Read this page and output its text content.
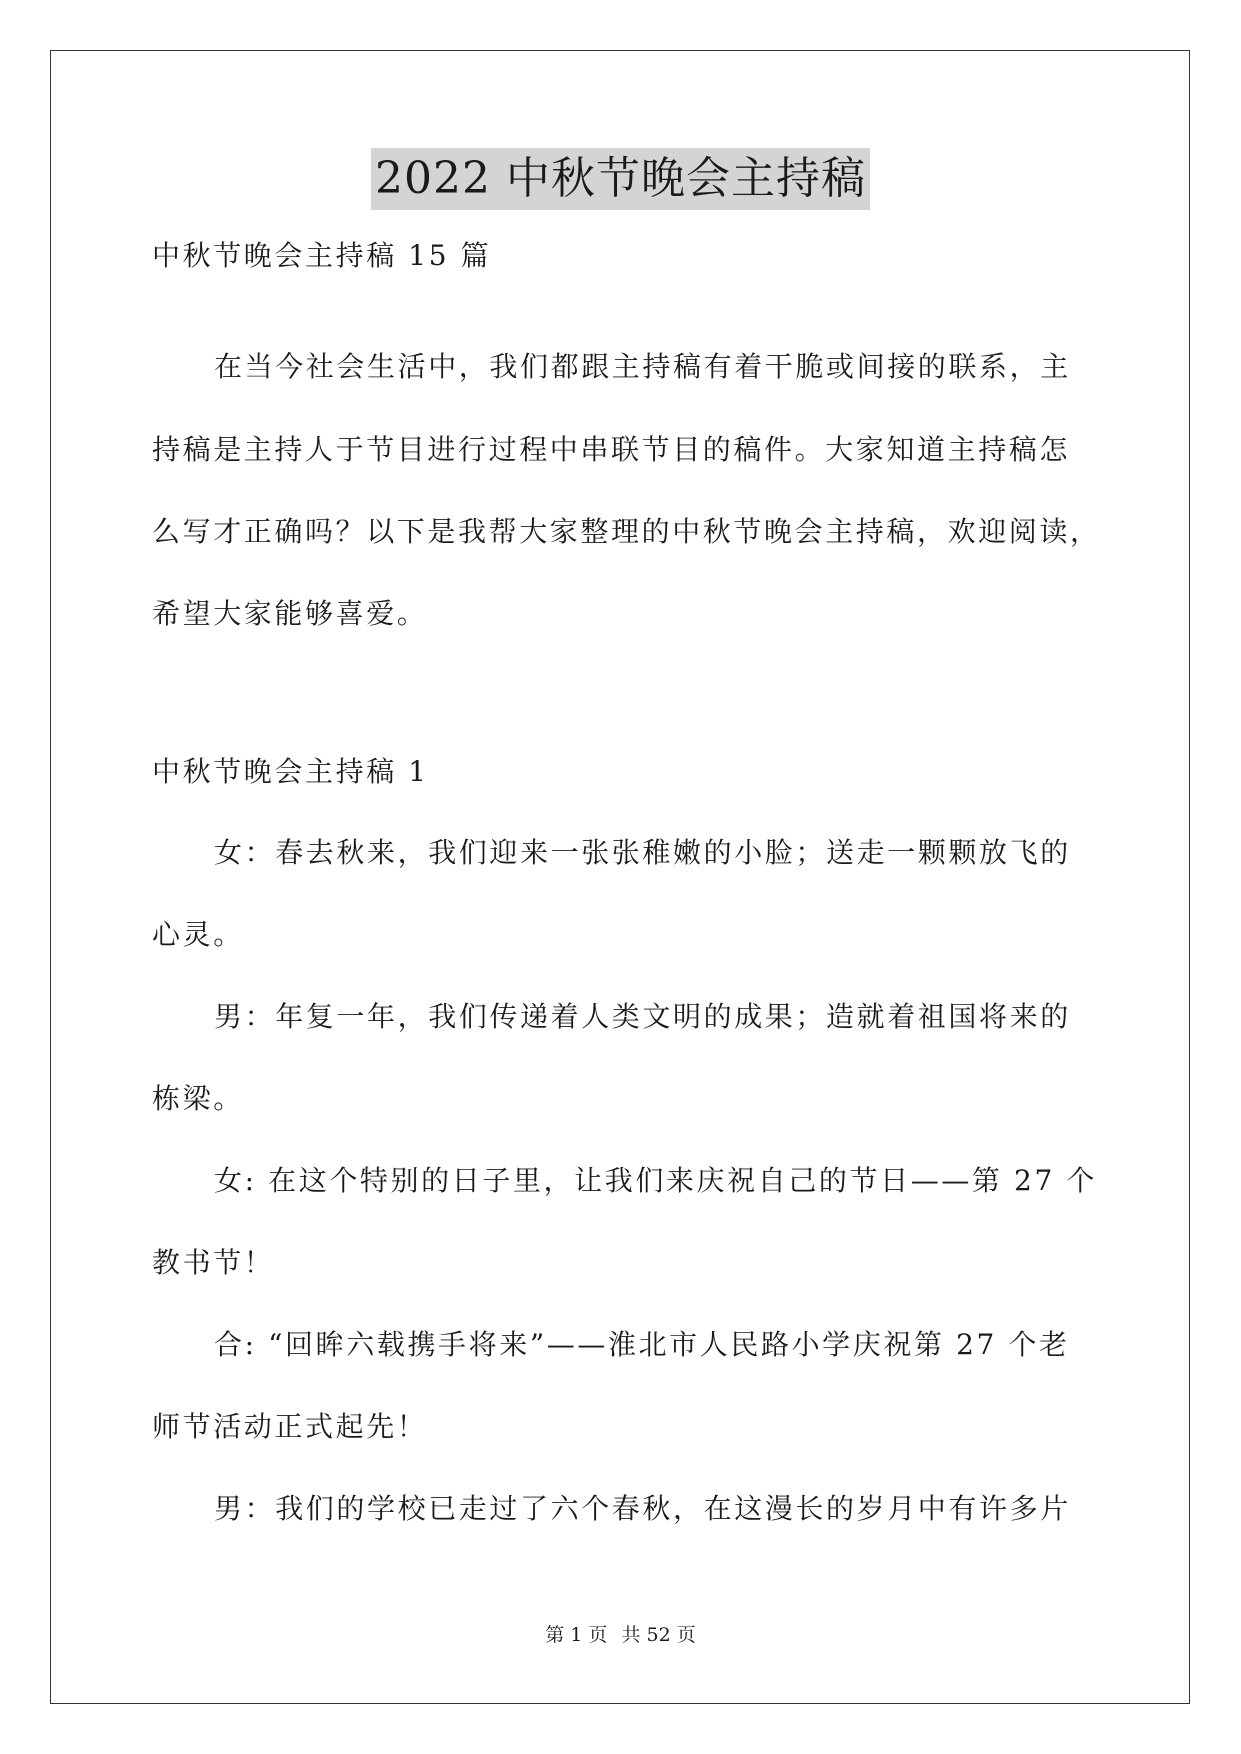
2022 中秋节晚会主持稿
中秋节晚会主持稿 15 篇
在当今社会生活中，我们都跟主持稿有着干脆或间接的联系，主
持稿是主持人于节目进行过程中串联节目的稿件。大家知道主持稿怎
么写才正确吗？以下是我帮大家整理的中秋节晚会主持稿，欢迎阅读，
希望大家能够喜爱。
中秋节晚会主持稿 1
女：春去秋来，我们迎来一张张稚嫩的小脸；送走一颗颗放飞的
心灵。
男：年复一年，我们传递着人类文明的成果；造就着祖国将来的
栋梁。
女: 在这个特别的日子里，让我们来庆祝自己的节日——第 27 个
教书节！
合: “回眸六载携手将来”——淮北市人民路小学庆祝第 27 个老
师节活动正式起先！
男：我们的学校已走过了六个春秋，在这漫长的岁月中有许多片
第 1 页 共 52 页
